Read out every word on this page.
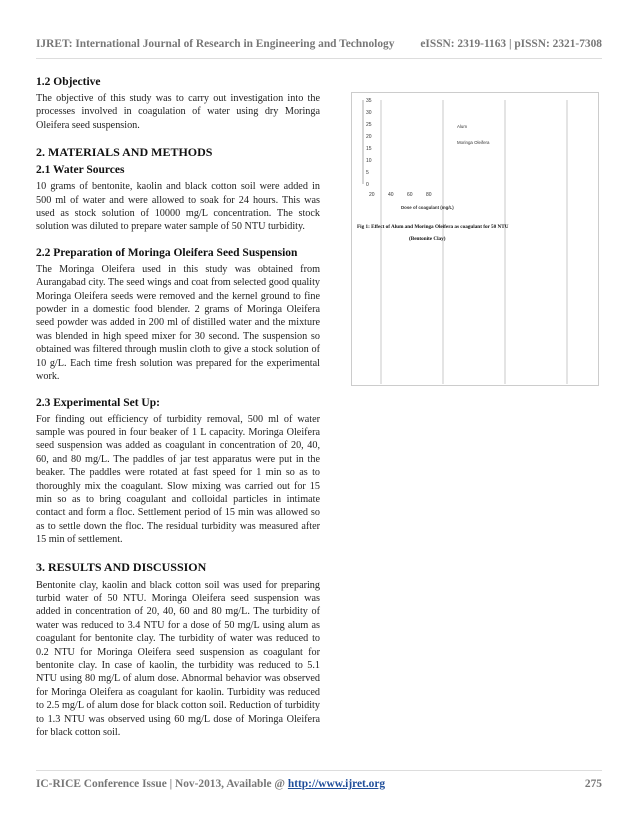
IJRET: International Journal of Research in Engineering and Technology eISSN: 2319-1163 | pISSN: 2321-7308
1.2 Objective

The objective of this study was to carry out investigation into the processes involved in coagulation of water using dry Moringa Oleifera seed suspension.

2. MATERIALS AND METHODS
2.1 Water Sources

10 grams of bentonite, kaolin and black cotton soil were added in 500 ml of water and were allowed to soak for 24 hours. This was used as stock solution of 10000 mg/L concentration. The stock solution was diluted to prepare water sample of 50 NTU turbidity.

2.2 Preparation of Moringa Oleifera Seed Suspension

The Moringa Oleifera used in this study was obtained from Aurangabad city. The seed wings and coat from selected good quality Moringa Oleifera seeds were removed and the kernel ground to fine powder in a domestic food blender. 2 grams of Moringa Oleifera seed powder was added in 200 ml of distilled water and the mixture was blended in high speed mixer for 30 second. The suspension so obtained was filtered through muslin cloth to give a stock solution of 10 g/L. Each time fresh solution was prepared for the experimental work.

2.3 Experimental Set Up:

For finding out efficiency of turbidity removal, 500 ml of water sample was poured in four beaker of 1 L capacity. Moringa Oleifera seed suspension was added as coagulant in concentration of 20, 40, 60, and 80 mg/L. The paddles of jar test apparatus were put in the beaker. The paddles were rotated at fast speed for 1 min so as to thoroughly mix the coagulant. Slow mixing was carried out for 15 min so as to bring coagulant and colloidal particles in intimate contact and form a floc. Settlement period of 15 min was allowed so as to settle down the floc. The residual turbidity was measured after 15 min of settlement.

3. RESULTS AND DISCUSSION

Bentonite clay, kaolin and black cotton soil was used for preparing turbid water of 50 NTU. Moringa Oleifera seed suspension was added in concentration of 20, 40, 60 and 80 mg/L. The turbidity of water was reduced to 3.4 NTU for a dose of 50 mg/L using alum as coagulant for bentonite clay. The turbidity of water was reduced to 0.2 NTU for Moringa Oleifera seed suspension as coagulant for bentonite clay. In case of kaolin, the turbidity was reduced to 5.1 NTU using 80 mg/L of alum dose. Abnormal behavior was observed for Moringa Oleifera as coagulant for kaolin. Turbidity was reduced to 2.5 mg/L of alum dose for black cotton soil. Reduction of turbidity to 1.3 NTU was observed using 60 mg/L dose of Moringa Oleifera for black cotton soil.

0
5
10
15
20
25
30
35
20	40	60	80
Dose of coagulant (mg/L)
Alum
Moringa Oleifera
Fig 1: Effect of Alum and Moringa Oleifera as coagulant for 50 NTU
(Bentonite Clay)
IC-RICE Conference Issue | Nov-2013, Available @ http://www.ijret.org	275
